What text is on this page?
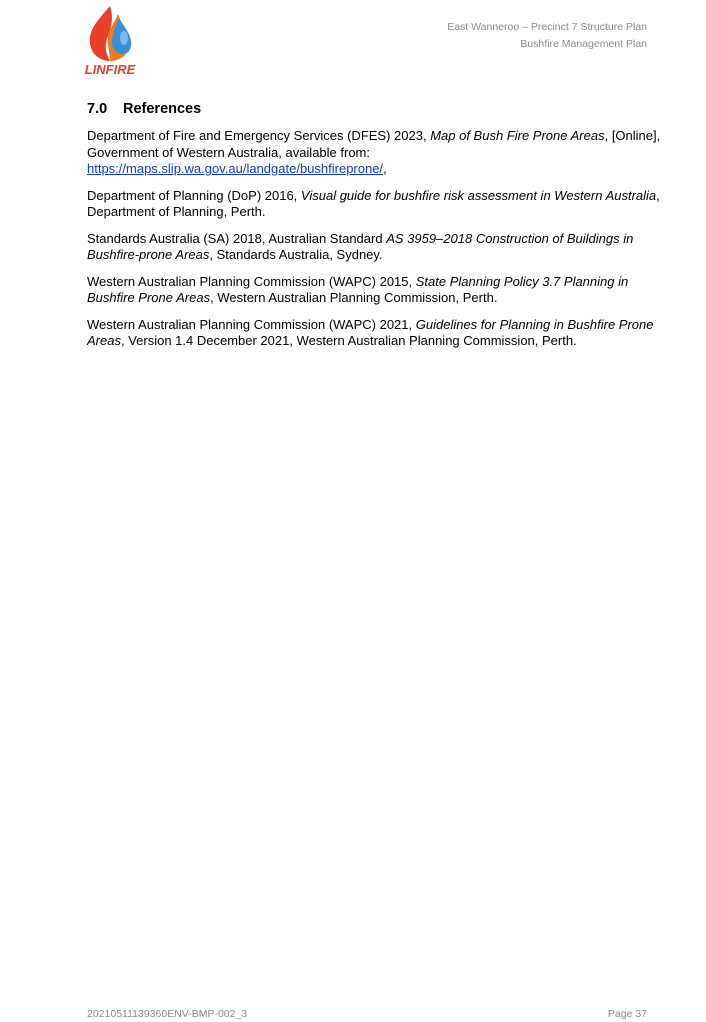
LINFIRE
East Wanneroo – Precinct 7 Structure Plan
Bushfire Management Plan
7.0 References

Department of Fire and Emergency Services (DFES) 2023, Map of Bush Fire Prone Areas, [Online], Government of Western Australia, available from:
https://maps.slip.wa.gov.au/landgate/bushfireprone/,

Department of Planning (DoP) 2016, Visual guide for bushfire risk assessment in Western Australia, Department of Planning, Perth.

Standards Australia (SA) 2018, Australian Standard AS 3959–2018 Construction of Buildings in Bushfire-prone Areas, Standards Australia, Sydney.

Western Australian Planning Commission (WAPC) 2015, State Planning Policy 3.7 Planning in Bushfire Prone Areas, Western Australian Planning Commission, Perth.

Western Australian Planning Commission (WAPC) 2021, Guidelines for Planning in Bushfire Prone Areas, Version 1.4 December 2021, Western Australian Planning Commission, Perth.

20210511139360ENV-BMP-002_3	Page 37
